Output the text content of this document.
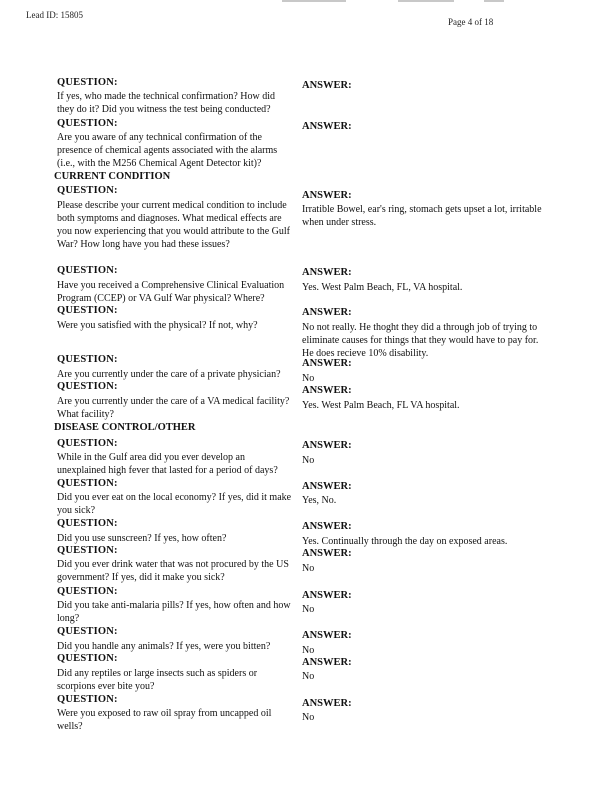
Lead ID: 15805
Page 4 of 18
QUESTION:
If yes, who made the technical confirmation? How did they do it? Did you witness the test being conducted?
ANSWER:
QUESTION:
Are you aware of any technical confirmation of the presence of chemical agents associated with the alarms (i.e., with the M256 Chemical Agent Detector kit)?
ANSWER:
CURRENT CONDITION
QUESTION:
Please describe your current medical condition to include both symptoms and diagnoses. What medical effects are you now experiencing that you would attribute to the Gulf War? How long have you had these issues?
ANSWER:
Irratible Bowel, ear's ring, stomach gets upset a lot, irritable when under stress.
QUESTION:
Have you received a Comprehensive Clinical Evaluation Program (CCEP) or VA Gulf War physical? Where?
ANSWER:
Yes. West Palm Beach, FL, VA hospital.
QUESTION:
Were you satisfied with the physical? If not, why?
ANSWER:
No not really. He thoght they did a through job of trying to eliminate causes for things that they would have to pay for. He does recieve 10% disability.
QUESTION:
Are you currently under the care of a private physician?
ANSWER:
No
QUESTION:
Are you currently under the care of a VA medical facility? What facility?
ANSWER:
Yes. West Palm Beach, FL VA hospital.
DISEASE CONTROL/OTHER
QUESTION:
While in the Gulf area did you ever develop an unexplained high fever that lasted for a period of days?
ANSWER:
No
QUESTION:
Did you ever eat on the local economy? If yes, did it make you sick?
ANSWER:
Yes, No.
QUESTION:
Did you use sunscreen? If yes, how often?
ANSWER:
Yes. Continually through the day on exposed areas.
QUESTION:
Did you ever drink water that was not procured by the US government? If yes, did it make you sick?
ANSWER:
No
QUESTION:
Did you take anti-malaria pills? If yes, how often and how long?
ANSWER:
No
QUESTION:
Did you handle any animals? If yes, were you bitten?
ANSWER:
No
QUESTION:
Did any reptiles or large insects such as spiders or scorpions ever bite you?
ANSWER:
No
QUESTION:
Were you exposed to raw oil spray from uncapped oil wells?
ANSWER:
No
